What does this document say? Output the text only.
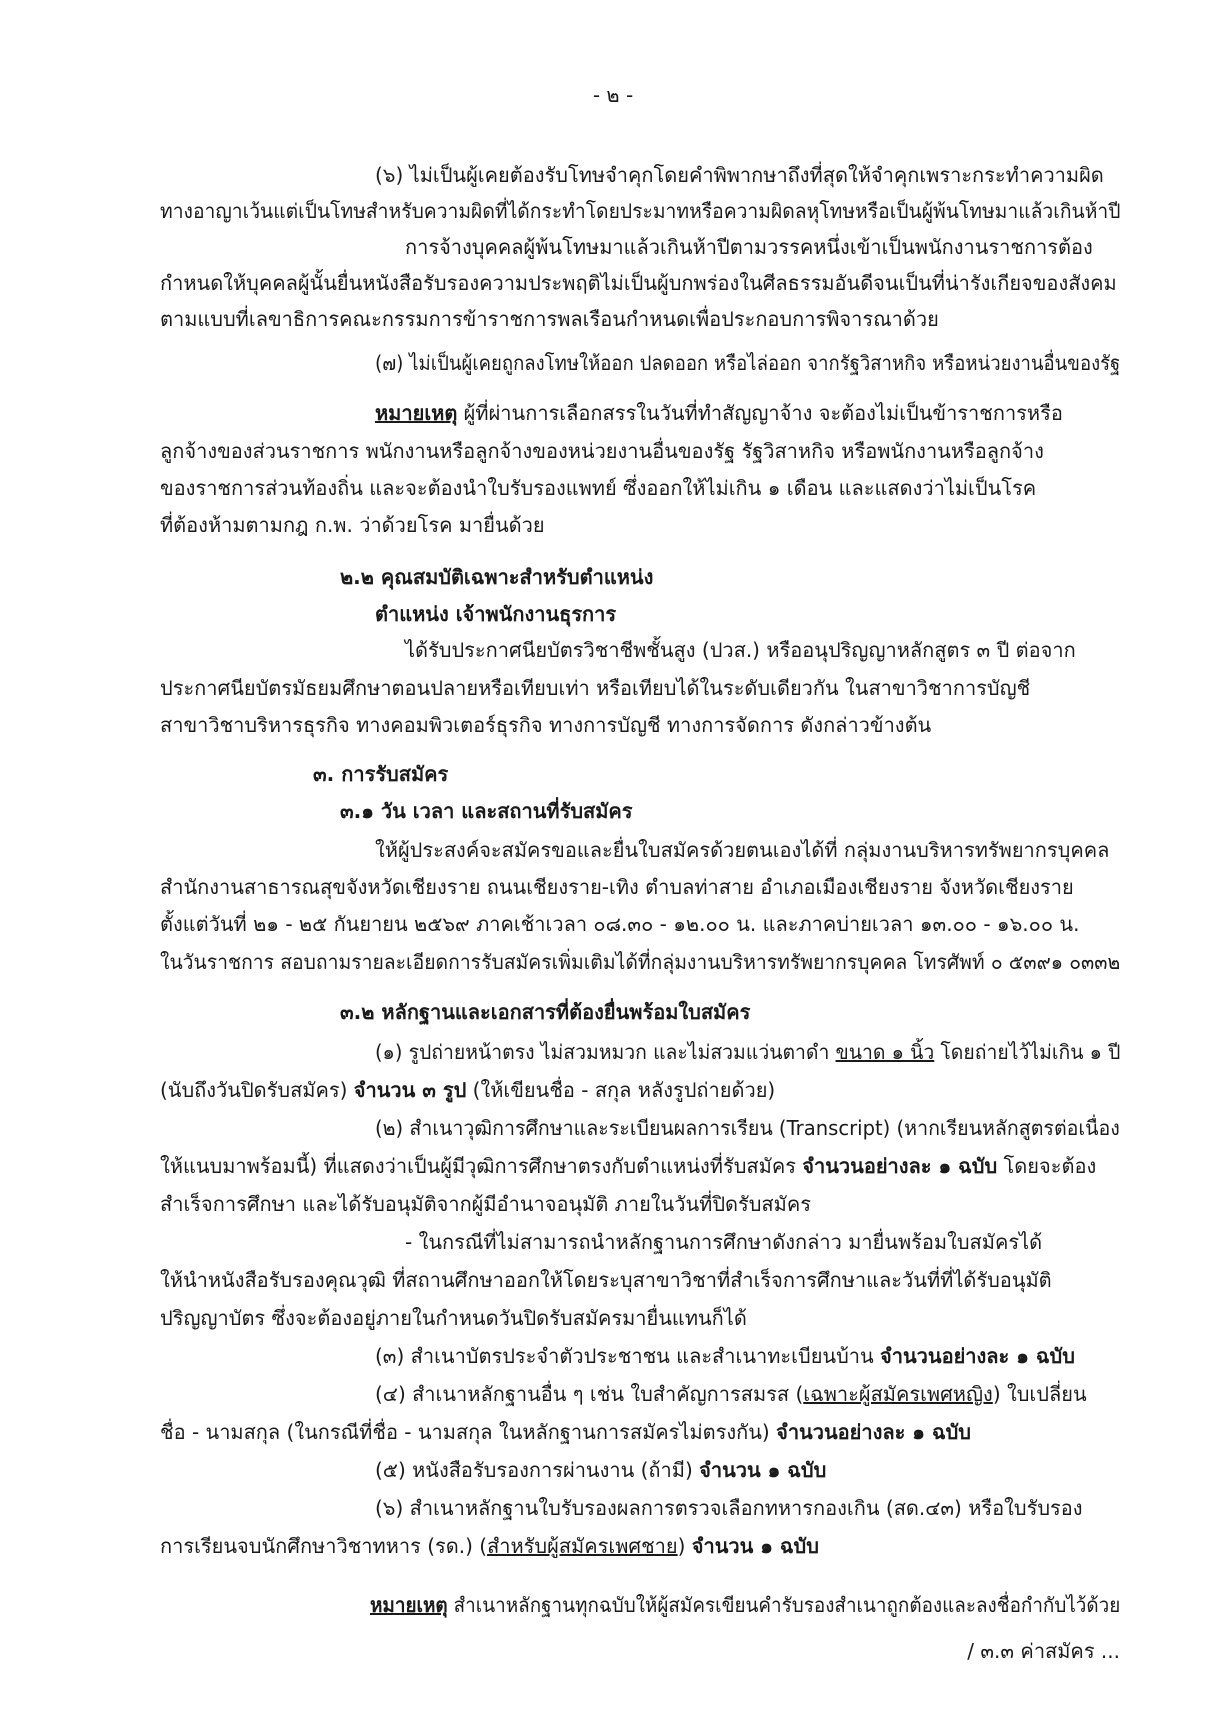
- ๒ -
(๖) ไม่เป็นผู้เคยต้องรับโทษจำคุกโดยคำพิพากษาถึงที่สุดให้จำคุกเพราะกระทำความผิด
ทางอาญาเว้นแต่เป็นโทษสำหรับความผิดที่ได้กระทำโดยประมาทหรือความผิดลหุโทษหรือเป็นผู้พ้นโทษมาแล้วเกินห้าปี
การจ้างบุคคลผู้พ้นโทษมาแล้วเกินห้าปีตามวรรคหนึ่งเข้าเป็นพนักงานราชการต้อง
กำหนดให้บุคคลผู้นั้นยื่นหนังสือรับรองความประพฤติไม่เป็นผู้บกพร่องในศีลธรรมอันดีจนเป็นที่น่ารังเกียจของสังคม
ตามแบบที่เลขาธิการคณะกรรมการข้าราชการพลเรือนกำหนดเพื่อประกอบการพิจารณาด้วย
(๗) ไม่เป็นผู้เคยถูกลงโทษให้ออก ปลดออก หรือไล่ออก จากรัฐวิสาหกิจ หรือหน่วยงานอื่นของรัฐ
หมายเหตุ ผู้ที่ผ่านการเลือกสรรในวันที่ทำสัญญาจ้าง จะต้องไม่เป็นข้าราชการหรือ
ลูกจ้างของส่วนราชการ พนักงานหรือลูกจ้างของหน่วยงานอื่นของรัฐ รัฐวิสาหกิจ หรือพนักงานหรือลูกจ้าง
ของราชการส่วนท้องถิ่น และจะต้องนำใบรับรองแพทย์ ซึ่งออกให้ไม่เกิน ๑ เดือน และแสดงว่าไม่เป็นโรค
ที่ต้องห้ามตามกฎ ก.พ. ว่าด้วยโรค มายื่นด้วย
๒.๒ คุณสมบัติเฉพาะสำหรับตำแหน่ง
ตำแหน่ง เจ้าพนักงานธุรการ
ได้รับประกาศนียบัตรวิชาชีพชั้นสูง (ปวส.) หรืออนุปริญญาหลักสูตร ๓ ปี ต่อจาก
ประกาศนียบัตรมัธยมศึกษาตอนปลายหรือเทียบเท่า หรือเทียบได้ในระดับเดียวกัน ในสาขาวิชาการบัญชี
สาขาวิชาบริหารธุรกิจ ทางคอมพิวเตอร์ธุรกิจ ทางการบัญชี ทางการจัดการ ดังกล่าวข้างต้น
๓. การรับสมัคร
๓.๑ วัน เวลา และสถานที่รับสมัคร
ให้ผู้ประสงค์จะสมัครขอและยื่นใบสมัครด้วยตนเองได้ที่ กลุ่มงานบริหารทรัพยากรบุคคล
สำนักงานสาธารณสุขจังหวัดเชียงราย ถนนเชียงราย-เทิง ตำบลท่าสาย อำเภอเมืองเชียงราย จังหวัดเชียงราย
ตั้งแต่วันที่ ๒๑ - ๒๕ กันยายน ๒๕๖๙ ภาคเช้าเวลา ๐๘.๓๐ - ๑๒.๐๐ น. และภาคบ่ายเวลา ๑๓.๐๐ - ๑๖.๐๐ น.
ในวันราชการ สอบถามรายละเอียดการรับสมัครเพิ่มเติมได้ที่กลุ่มงานบริหารทรัพยากรบุคคล โทรศัพท์ ๐ ๕๓๙๑ ๐๓๓๒
๓.๒ หลักฐานและเอกสารที่ต้องยื่นพร้อมใบสมัคร
(๑) รูปถ่ายหน้าตรง ไม่สวมหมวก และไม่สวมแว่นตาดำ ขนาด ๑ นิ้ว โดยถ่ายไว้ไม่เกิน ๑ ปี
(นับถึงวันปิดรับสมัคร) จำนวน ๓ รูป (ให้เขียนชื่อ - สกุล หลังรูปถ่ายด้วย)
(๒) สำเนาวุฒิการศึกษาและระเบียนผลการเรียน (Transcript) (หากเรียนหลักสูตรต่อเนื่อง
ให้แนบมาพร้อมนี้) ที่แสดงว่าเป็นผู้มีวุฒิการศึกษาตรงกับตำแหน่งที่รับสมัคร จำนวนอย่างละ ๑ ฉบับ โดยจะต้อง
สำเร็จการศึกษา และได้รับอนุมัติจากผู้มีอำนาจอนุมัติ ภายในวันที่ปิดรับสมัคร
- ในกรณีที่ไม่สามารถนำหลักฐานการศึกษาดังกล่าว มายื่นพร้อมใบสมัครได้
ให้นำหนังสือรับรองคุณวุฒิ ที่สถานศึกษาออกให้โดยระบุสาขาวิชาที่สำเร็จการศึกษาและวันที่ที่ได้รับอนุมัติ
ปริญญาบัตร ซึ่งจะต้องอยู่ภายในกำหนดวันปิดรับสมัครมายื่นแทนก็ได้
(๓) สำเนาบัตรประจำตัวประชาชน และสำเนาทะเบียนบ้าน จำนวนอย่างละ ๑ ฉบับ
(๔) สำเนาหลักฐานอื่น ๆ เช่น ใบสำคัญการสมรส (เฉพาะผู้สมัครเพศหญิง) ใบเปลี่ยน
ชื่อ - นามสกุล (ในกรณีที่ชื่อ - นามสกุล ในหลักฐานการสมัครไม่ตรงกัน) จำนวนอย่างละ ๑ ฉบับ
(๕) หนังสือรับรองการผ่านงาน (ถ้ามี) จำนวน ๑ ฉบับ
(๖) สำเนาหลักฐานใบรับรองผลการตรวจเลือกทหารกองเกิน (สด.๔๓) หรือใบรับรอง
การเรียนจบนักศึกษาวิชาทหาร (รด.) (สำหรับผู้สมัครเพศชาย) จำนวน ๑ ฉบับ
หมายเหตุ สำเนาหลักฐานทุกฉบับให้ผู้สมัครเขียนคำรับรองสำเนาถูกต้องและลงชื่อกำกับไว้ด้วย
/ ๓.๓ ค่าสมัคร ...
